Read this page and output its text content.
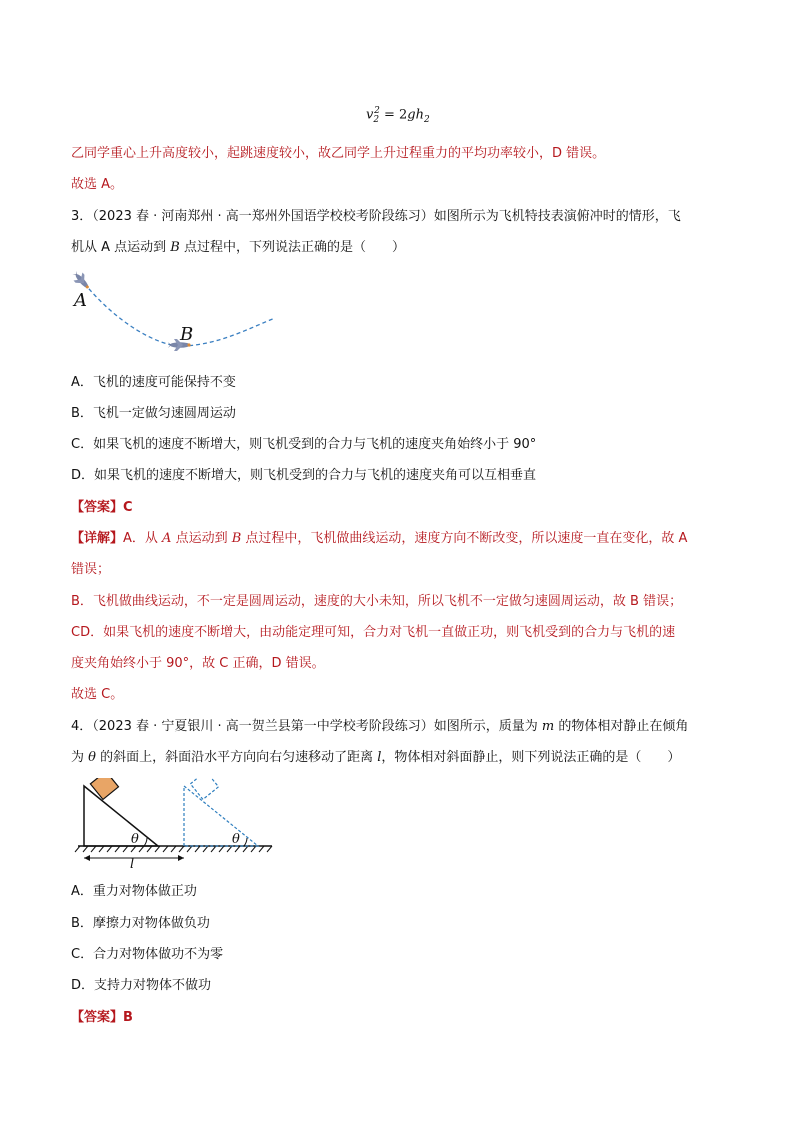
$v_2^2 = 2gh_2$
乙同学重心上升高度较小，起跳速度较小，故乙同学上升过程重力的平均功率较小，D 错误。
故选 A。
3．（2023 春 · 河南郑州 · 高一郑州外国语学校校考阶段练习）如图所示为飞机特技表演俯冲时的情形，飞
机从 A 点运动到 B 点过程中，下列说法正确的是（　　）
A
B
A．飞机的速度可能保持不变
B．飞机一定做匀速圆周运动
C．如果飞机的速度不断增大，则飞机受到的合力与飞机的速度夹角始终小于 90°
D．如果飞机的速度不断增大，则飞机受到的合力与飞机的速度夹角可以互相垂直
【答案】C
【详解】A．从 A 点运动到 B 点过程中，飞机做曲线运动，速度方向不断改变，所以速度一直在变化，故 A
错误；
B．飞机做曲线运动，不一定是圆周运动，速度的大小未知，所以飞机不一定做匀速圆周运动，故 B 错误；
CD．如果飞机的速度不断增大，由动能定理可知，合力对飞机一直做正功，则飞机受到的合力与飞机的速
度夹角始终小于 90°，故 C 正确，D 错误。
故选 C。
4．（2023 春 · 宁夏银川 · 高一贺兰县第一中学校考阶段练习）如图所示，质量为 m 的物体相对静止在倾角
为 θ 的斜面上，斜面沿水平方向向右匀速移动了距离 l，物体相对斜面静止，则下列说法正确的是（　　）
θ	θ
l
A．重力对物体做正功
B．摩擦力对物体做负功
C．合力对物体做功不为零
D．支持力对物体不做功
【答案】B
